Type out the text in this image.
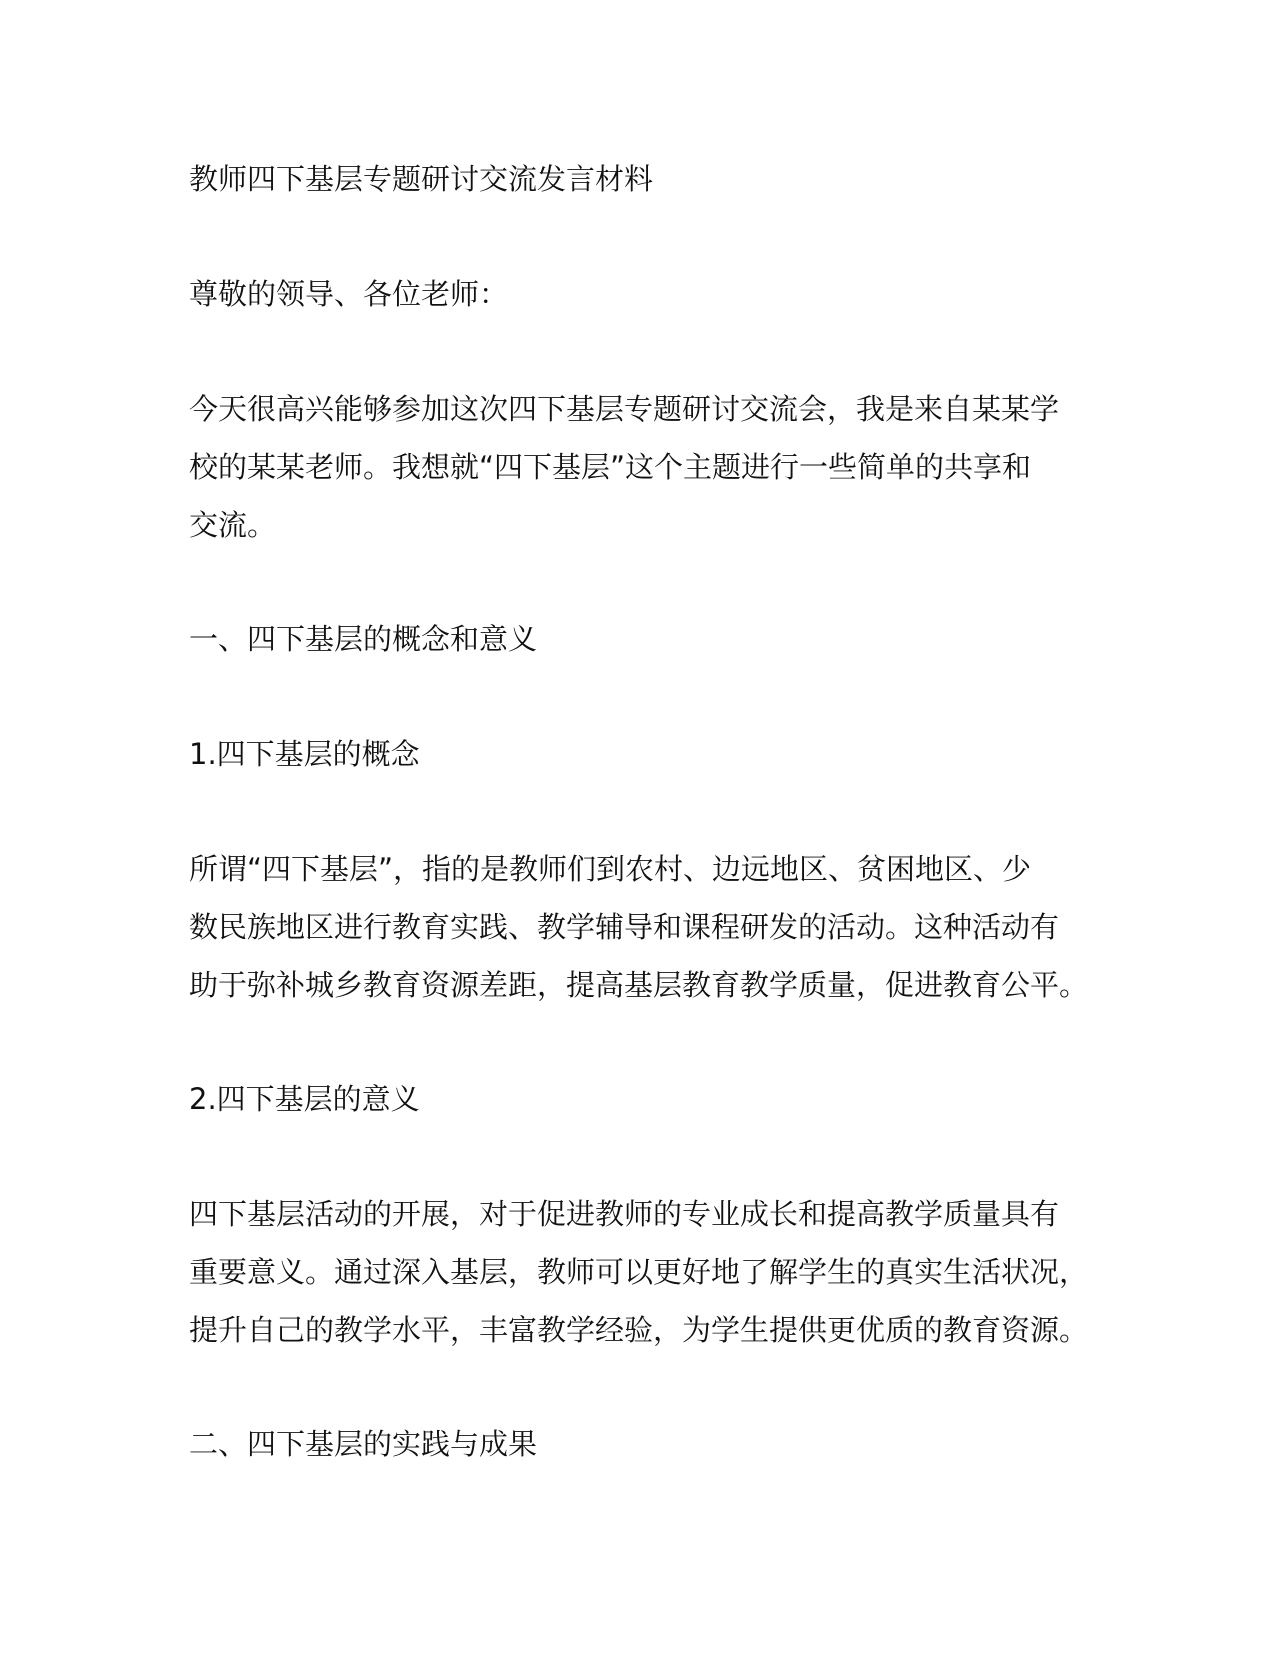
教师四下基层专题研讨交流发言材料

尊敬的领导、各位老师：

今天很高兴能够参加这次四下基层专题研讨交流会，我是来自某某学
校的某某老师。我想就“四下基层”这个主题进行一些简单的共享和
交流。

一、四下基层的概念和意义

1.四下基层的概念

所谓“四下基层”，指的是教师们到农村、边远地区、贫困地区、少
数民族地区进行教育实践、教学辅导和课程研发的活动。这种活动有
助于弥补城乡教育资源差距，提高基层教育教学质量，促进教育公平。

2.四下基层的意义

四下基层活动的开展，对于促进教师的专业成长和提高教学质量具有
重要意义。通过深入基层，教师可以更好地了解学生的真实生活状况，
提升自己的教学水平，丰富教学经验，为学生提供更优质的教育资源。

二、四下基层的实践与成果
